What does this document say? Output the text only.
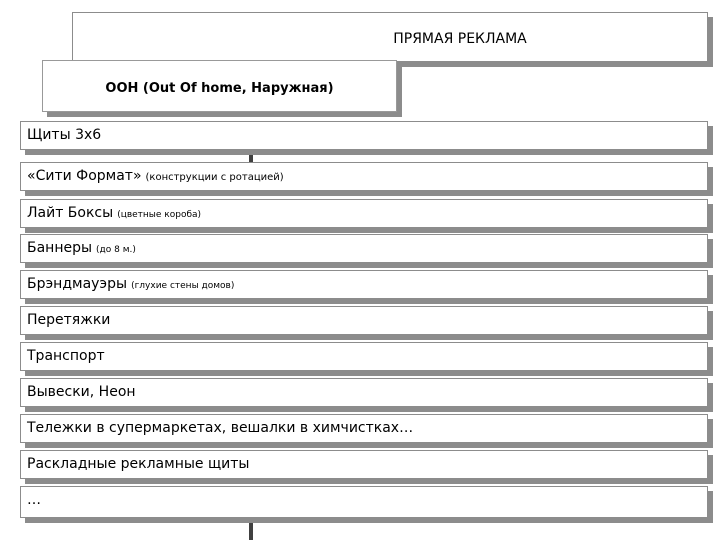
ПРЯМАЯ РЕКЛАМА
OOH (Out Of home, Наружная)
Щиты 3х6
«Сити Формат» (конструкции с ротацией)
Лайт Боксы (цветные короба)
Баннеры (до 8 м.)
Брэндмауэры (глухие стены домов)
Перетяжки
Транспорт
Вывески, Неон
Тележки в супермаркетах, вешалки в химчистках…
Раскладные рекламные щиты
…
